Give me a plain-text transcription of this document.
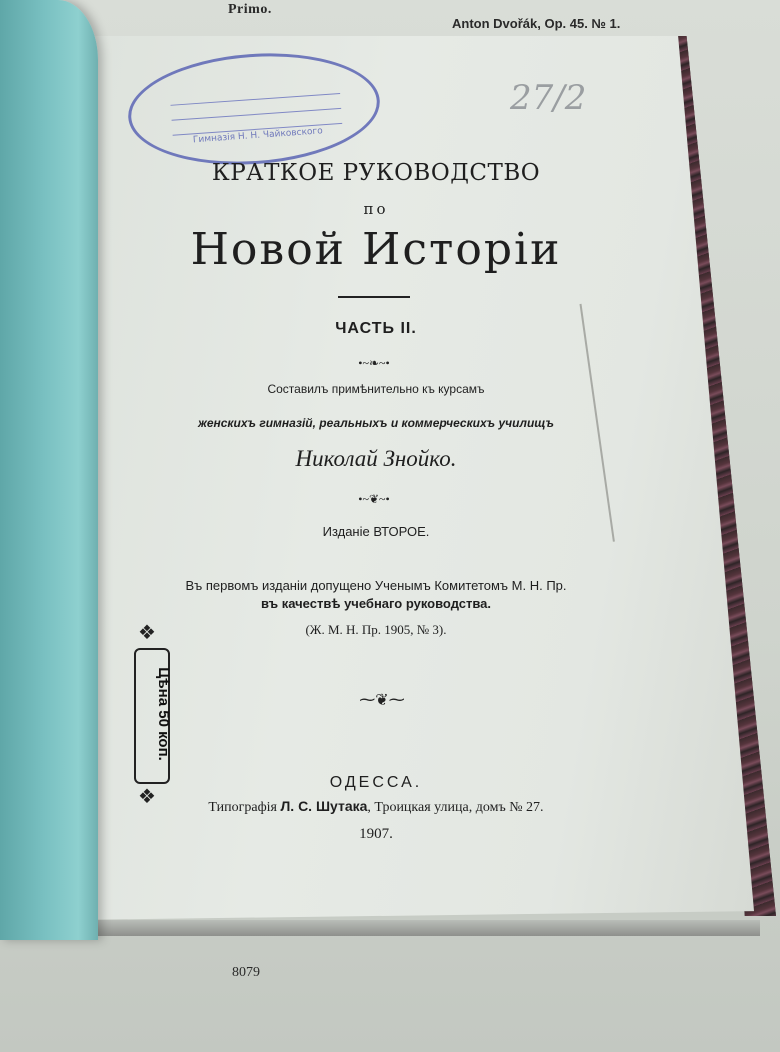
Primo.
Anton Dvořák, Op. 45. № 1.
8079
Гимназія Н. Н. Чайковского
27/2
КРАТКОЕ РУКОВОДСТВО
по
Новой Исторіи
ЧАСТЬ II.
•~❧~•
Составилъ примѣнительно къ курсамъ
женскихъ гимназій, реальныхъ и коммерческихъ училищъ
Николай Знойко.
•~❦~•
Изданіе ВТОРОЕ.
Въ первомъ изданіи допущено Ученымъ Комитетомъ М. Н. Пр.
въ качествѣ учебнаго руководства.
(Ж. М. Н. Пр. 1905, № 3).
⁓❦⁓
ОДЕССА.
Типографія Л. С. Шутака, Троицкая улица, домъ № 27.
1907.
❖
Цѣна 50 коп.
❖
